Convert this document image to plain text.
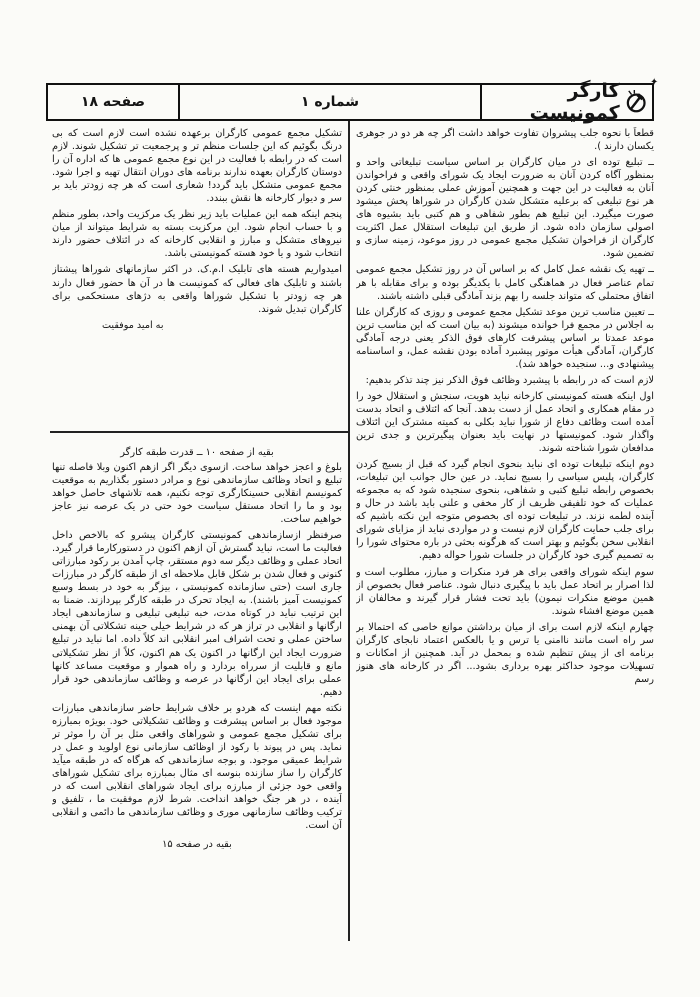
✦
کارگر کمونیست
شماره ۱
صفحه ۱۸

قطعاً با نحوه جلب پیشروان تفاوت خواهد داشت اگر چه هر دو در جوهری یکسان دارند ).

ــ تبلیغ توده ای در میان کارگران بر اساس سیاست تبلیغاتی واحد و بمنظور آگاه کردن آنان به ضرورت ایجاد یک شورای واقعی و فراخواندن آنان به فعالیت در این جهت و همچنین آموزش عملی بمنظور خنثی کردن هر نوع تبلیغی که برعلیه متشکل شدن کارگران در شوراها پخش میشود صورت میگیرد. این تبلیغ هم بطور شفاهی و هم کتبی باید بشیوه های اصولی سازمان داده شود. از طریق این تبلیغات استقلال عمل اکثریت کارگران از فراخوان تشکیل مجمع عمومی در روز موعود، زمینه سازی و تضمین شود.

ــ تهیه یک نقشه عمل کامل که بر اساس آن در روز تشکیل مجمع عمومی تمام عناصر فعال در هماهنگی کامل با یکدیگر بوده و برای مقابله با هر اتفاق محتملی که متواند جلسه را بهم بزند آمادگی قبلی داشته باشند.

ــ تعیین مناسب ترین موعد تشکیل مجمع عمومی و روزی که کارگران علنا به اجلاس در مجمع فرا خوانده میشوند (به بیان است که این مناسب ترین موعد عمدتا بر اساس پیشرفت کارهای فوق الذکر یعنی درجه آمادگی کارگران، آمادگی هیأت موتور پیشبرد آماده بودن نقشه عمل، و اساسنامه پیشنهادی و... سنجیده خواهد شد).

لازم است که در رابطه با پیشبرد وظائف فوق الذکر نیز چند تذکر بدهیم:

اول اینکه هسته کمونیستی کارخانه نباید هویت، سنجش و استقلال خود را در مقام همکاری و اتحاد عمل از دست بدهد. آنجا که ائتلاف و اتحاد بدست آمده است وظائف دفاع از شورا نباید بکلی به کمیته مشترک این ائتلاف واگذار شود. کمونیستها در نهایت باید بعنوان پیگیرترین و جدی ترین مدافعان شورا شناخته شوند.

دوم اینکه تبلیغات توده ای نباید بنحوی انجام گیرد که قبل از بسیج کردن کارگران، پلیس سیاسی را بسیج نماید. در عین حال جوانب این تبلیغات، بخصوص رابطه تبلیغ کتبی و شفاهی، بنحوی سنجیده شود که به مجموعه عملیات که خود تلفیقی ظریف از کار مخفی و علنی باید باشد در حال و آینده لطمه نزند. در تبلیغات توده ای بخصوص متوجه این نکته باشیم که برای جلب حمایت کارگران لازم نیست و در مواردی نباید از مزایای شورای انقلابی سخن بگوئیم و بهتر است که هرگونه بحثی در باره محتوای شورا را به تصمیم گیری خود کارگران در جلسات شورا حواله دهیم.

سوم اینکه شورای واقعی برای هر فرد منکرات و مبارز، مطلوب است و لذا اصرار بر اتحاد عمل باید با پیگیری دنبال شود. عناصر فعال بخصوص از همین موضع منکرات نیمون) باید تحت فشار قرار گیرند و مخالفان از همین موضع افشاء شوند.

چهارم اینکه لازم است برای از میان برداشتن موانع خاصی که احتمالا بر سر راه است مانند ناامنی یا ترس و یا بالعکس اعتماد نابجای کارگران برنامه ای از پیش تنظیم شده و بمحمل در آید. همچنین از امکانات و تسهیلات موجود حداکثر بهره برداری بشود... اگر در کارخانه های هنوز رسم

تشکیل مجمع عمومی کارگران برعهده نشده است لازم است که بی درنگ بگوئیم که این جلسات منظم تر و پرجمعیت تر تشکیل شوند. لازم است که در رابطه با فعالیت در این نوع مجمع عمومی ها که اداره آن را دوستان کارگران بعهده ندارند برنامه های دوران انتقال تهیه و اجرا شود. مجمع عمومی متشکل باید گردد! شعاری است که هر چه زودتر باید بر سر و دیوار کارخانه ها نقش ببندد.

پنجم اینکه همه این عملیات باید زیر نظر یک مرکزیت واحد، بطور منظم و با حساب انجام شود. این مرکزیت بسته به شرایط میتواند از میان نیروهای متشکل و مبارز و انقلابی کارخانه که در ائتلاف حضور دارند انتخاب شود و یا خود هسته کمونیستی باشد.

امیدواریم هسته های تابلیک ا.م.ک. در اکثر سازمانهای شوراها پیشتاز باشند و تابلیک های فعالی که کمونیست ها در آن ها حضور فعال دارند هر چه زودتر با تشکیل شوراها واقعی به دژهای مستحکمی برای کارگران تبدیل شوند.

به امید موفقیت

بقیه از صفحه ۱۰ ــ قدرت طبقه کارگر

بلوغ و اعجز خواهد ساخت. ازسوی دیگر اگر ازهم اکنون وبلا فاصله تنها تبلیغ و اتحاد وظائف سازماندهی نوع و مرادر دستور بگذاریم به موقعیت کمونیسم انقلابی حسینکارگری توجه نکنیم، همه تلاشهای حاصل خواهد بود و ما را اتحاد مستقل سیاست خود حتی در یک عرصه نیز عاجز خواهیم ساخت.

صرفنظر ازسازماندهی کمونیستی کارگران پیشرو که بالاخص داخل فعالیت ما است، نباید گسترش آن ازهم اکنون در دستورکارما قرار گیرد. اتحاد عملی و وظائف دیگر سه دوم مستقر، چاپ آمدن بر رکود مبارزاتی کنونی و فعال شدن بر شکل قابل ملاحظه ای از طبقه کارگر در مبارزات جاری است (حتی سازمانده کمونیستی ، بیزگر به خود در بسط وسیع کمونیست آمیز باشند). به ایجاد تحرک در طبقه کارگر بپردازند. ضمنا به این ترتیب نباید در کوتاه مدت، خبه تبلیغی تبلیغی و سازماندهی ایجاد ارگانها و انقلابی در تراز هر که در شرایط خیلی حینه تشکلاتی آن بهمنی ساختن عملی و تحت اشراف امبر انقلابی اند کلاً داده. اما نباید در تبلیغ ضرورت ایجاد این ارگانها در اکنون یک هم اکنون، کلاً از نظر تشکیلاتی مانع و قابلیت از سرراه بردارد و راه هموار و موقعیت مساعد کانها عملی برای ایجاد این ارگانها در عرصه و وظائف سازماندهی خود قرار دهیم.

نکته مهم اینست که هردو بر خلاف شرایط حاضر سازماندهی مبارزات موجود فعال بر اساس پیشرفت و وظائف تشکیلاتی خود. بویژه بمبارزه برای تشکیل مجمع عمومی و شوراهای واقعی مثل بر آن را موثر تر نماید. پس در پیوند با رکود از اوظائف سازمانی نوع اولوید و عمل در شرایط عمیقی موجود. و بوجه سازماندهی که هرگاه که در طبقه میآید کارگران را ساز سازنده بنوسه ای مثال بمبارزه برای تشکیل شوراهای واقعی خود جزئی از مبارزه برای ایجاد شوراهای انقلابی است که در آینده ، در هر جنگ خواهد انداخت. شرط لازم موفقیت ما ، تلفیق و ترکیب وظائف سازمانهی موری و وظائف سازماندهی ما دائمی و انقلابی آن است.

بقیه در صفحه ۱۵
